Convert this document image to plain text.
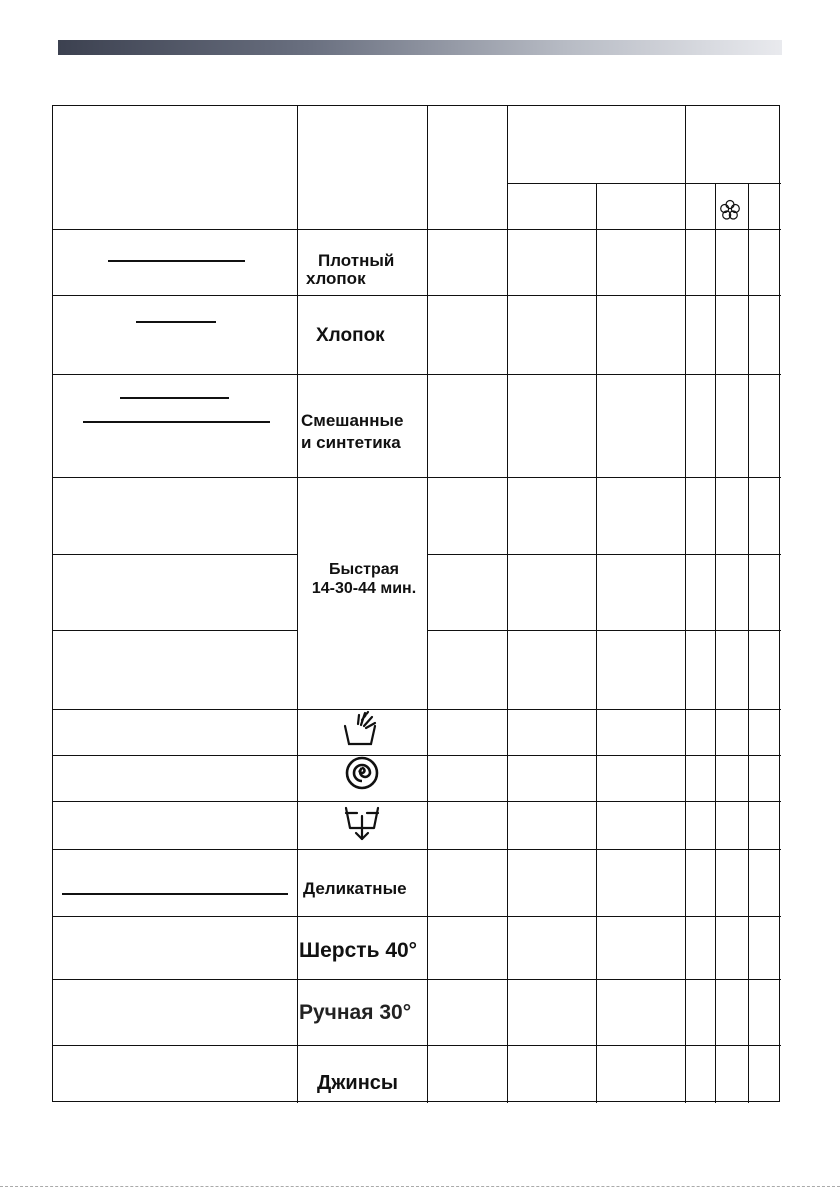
Плотный
хлопок
Хлопок
Смешанные
и синтетика
Быстрая
14-30-44 мин.
Деликатные
Шерсть 40°
Ручная 30°
Джинсы
